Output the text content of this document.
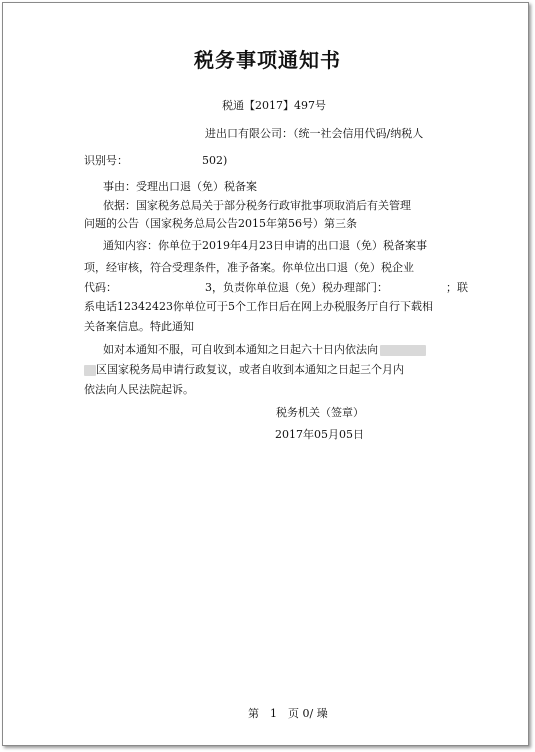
税务事项通知书
税通【2017】497号
进出口有限公司：（统一社会信用代码/纳税人
识别号：	502)
事由：受理出口退（免）税备案
依据：国家税务总局关于部分税务行政审批事项取消后有关管理
问题的公告（国家税务总局公告2015年第56号）第三条
通知内容：你单位于2019年4月23日申请的出口退（免）税备案事
项，经审核，符合受理条件，准予备案。你单位出口退（免）税企业
代码：	3，负责你单位退（免）税办理部门：	；联
系电话12342423你单位可于5个工作日后在网上办税服务厅自行下载相
关备案信息。特此通知
如对本通知不服，可自收到本通知之日起六十日内依法向
区国家税务局申请行政复议，或者自收到本通知之日起三个月内
依法向人民法院起诉。
税务机关（签章）
2017年05月05日
第　1　页 0/ 璪
